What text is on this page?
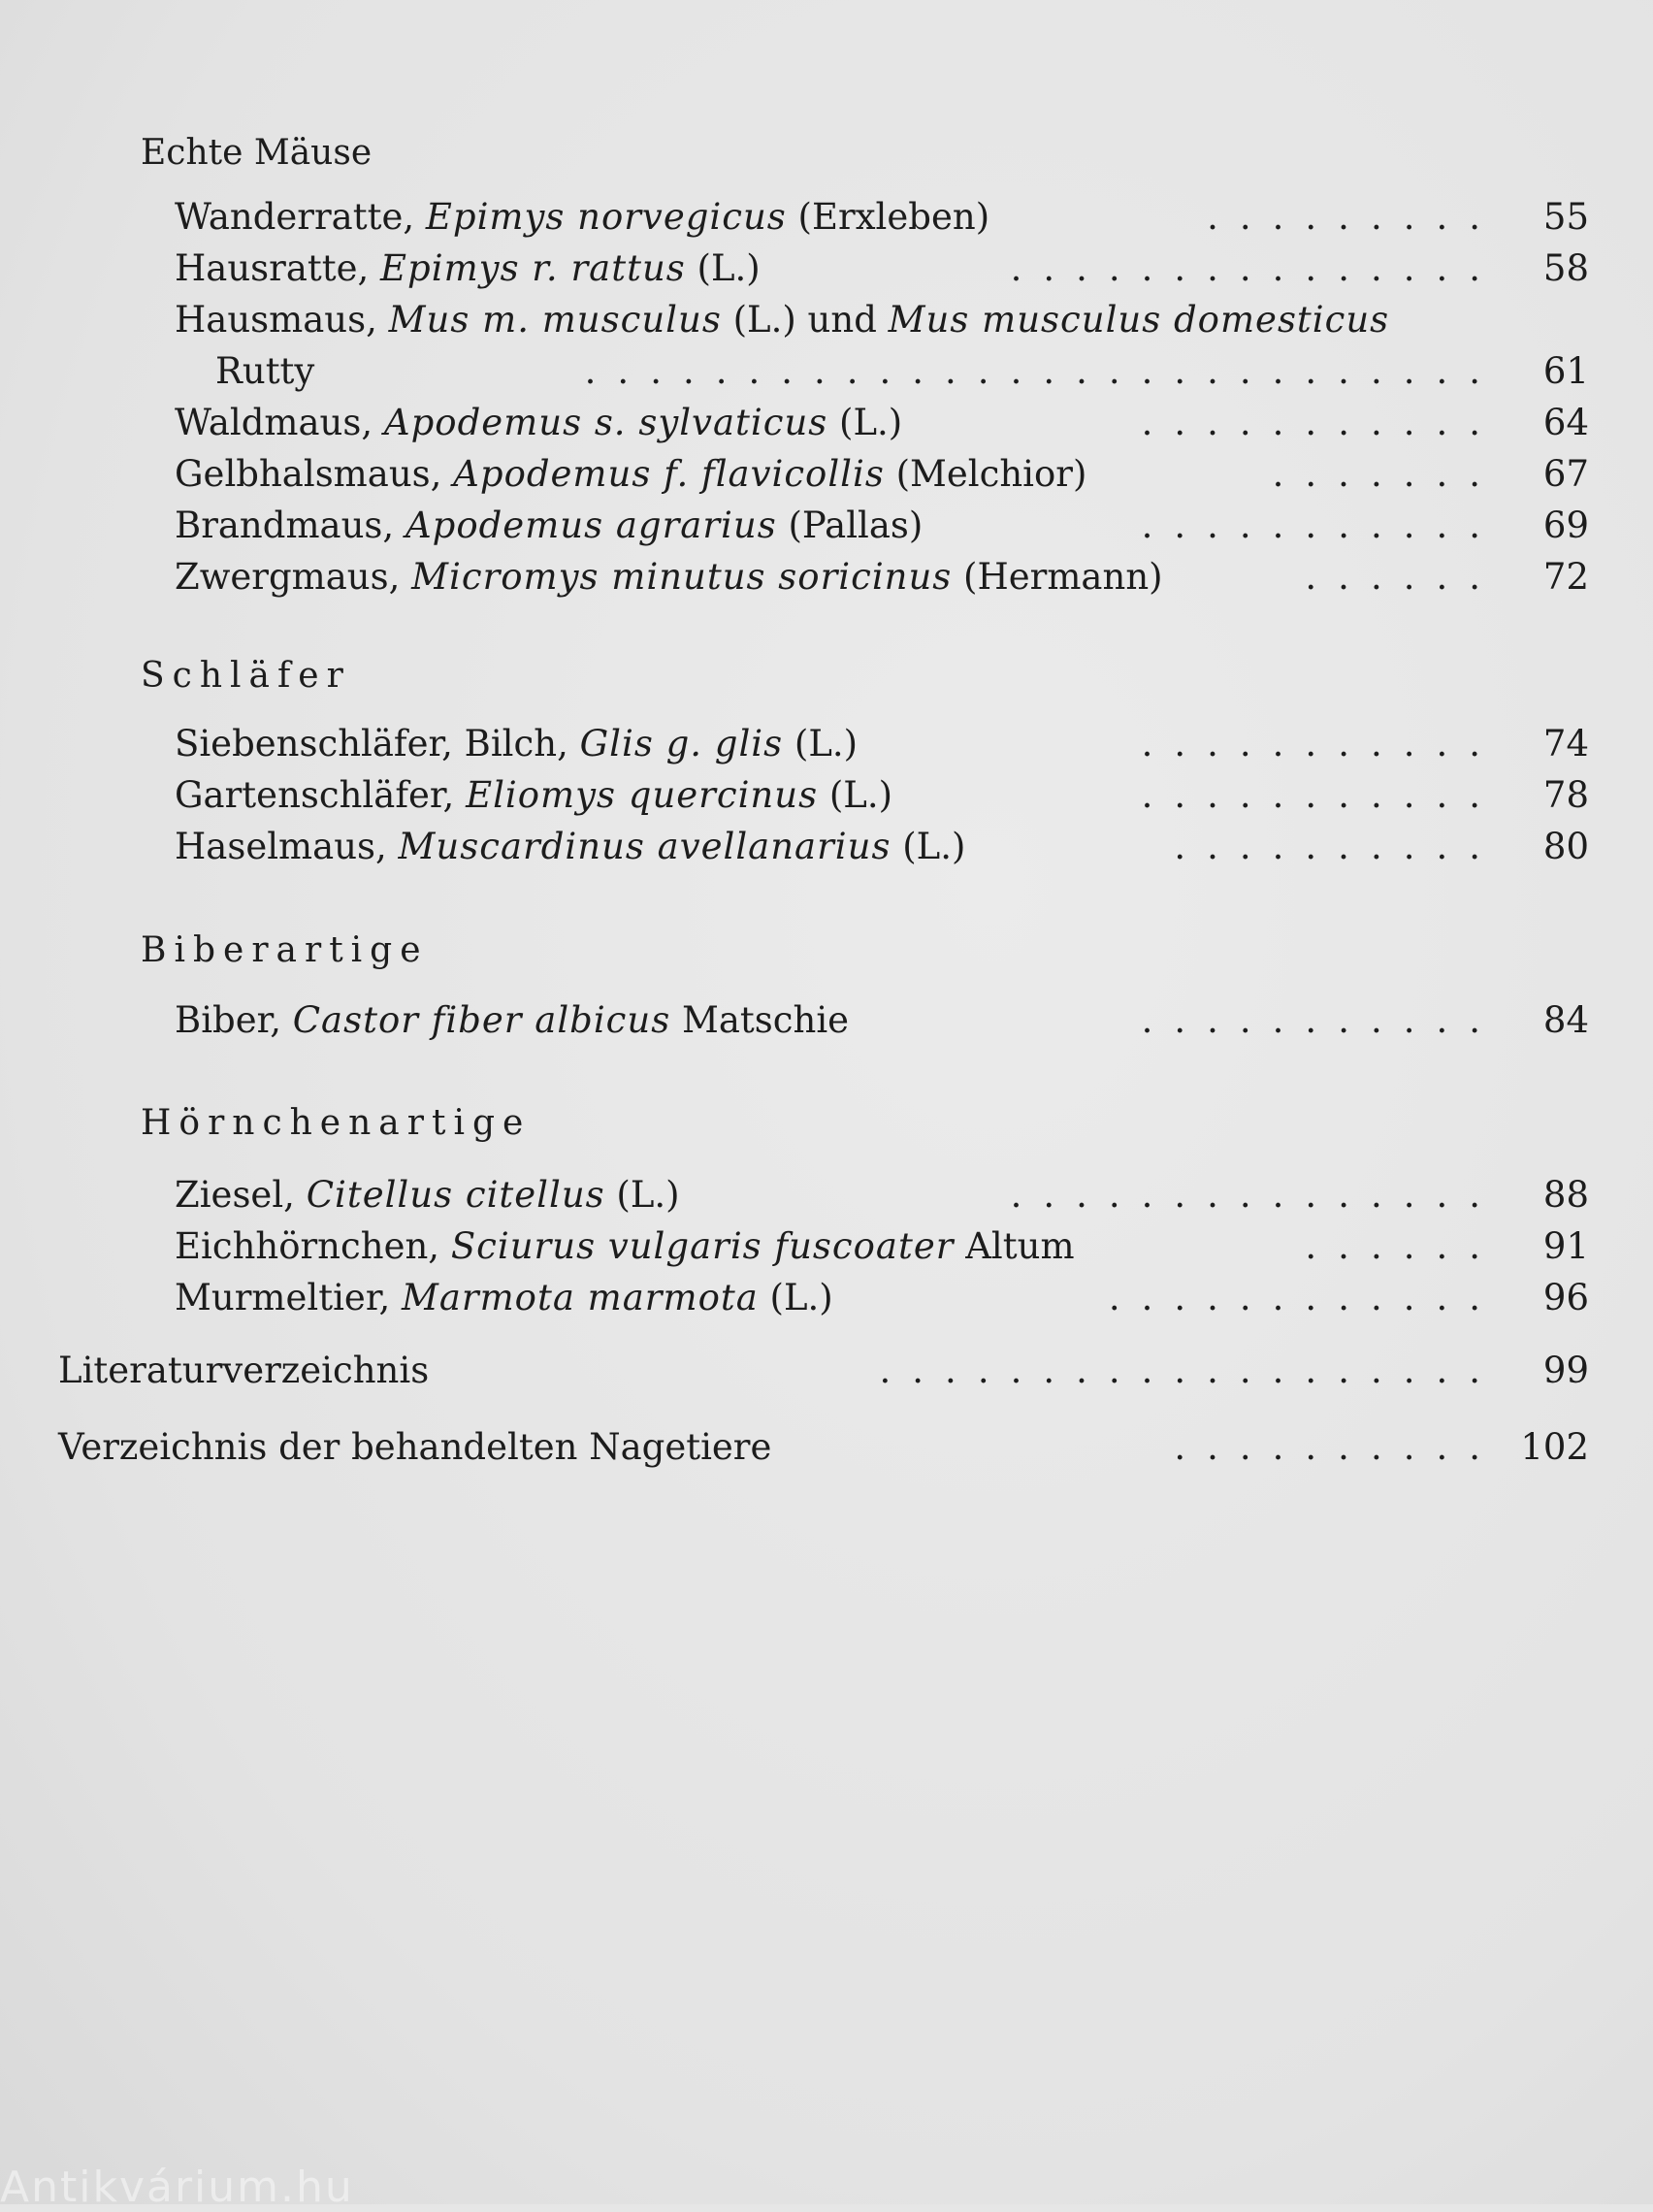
Echte Mäuse
Wanderratte, Epimys norvegicus (Erxleben)	.........	55
Hausratte, Epimys r. rattus (L.)	...............	58
Hausmaus, Mus m. musculus (L.) und Mus musculus domesticus
Rutty	............................	61
Waldmaus, Apodemus s. sylvaticus (L.)	...........	64
Gelbhalsmaus, Apodemus f. flavicollis (Melchior)	.......	67
Brandmaus, Apodemus agrarius (Pallas)	...........	69
Zwergmaus, Micromys minutus soricinus (Hermann)	......	72
Schläfer
Siebenschläfer, Bilch, Glis g. glis (L.)	...........	74
Gartenschläfer, Eliomys quercinus (L.)	...........	78
Haselmaus, Muscardinus avellanarius (L.)	..........	80
Biberartige
Biber, Castor fiber albicus Matschie	...........	84
Hörnchenartige
Ziesel, Citellus citellus (L.)	...............	88
Eichhörnchen, Sciurus vulgaris fuscoater Altum	......	91
Murmeltier, Marmota marmota (L.)	............	96
Literaturverzeichnis	...................	99
Verzeichnis der behandelten Nagetiere	.......... 102
Antikvárium.hu
